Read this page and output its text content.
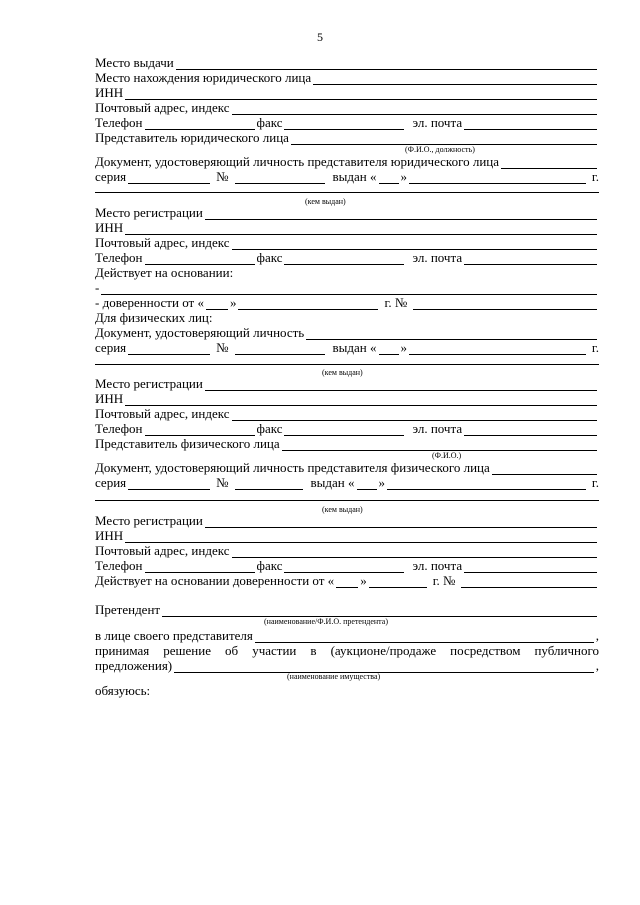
5
Место выдачи
Место нахождения юридического лица
ИНН
Почтовый адрес, индекс
Телефон	факс	эл. почта
Представитель юридического лица
(Ф.И.О., должность)
Документ, удостоверяющий личность представителя юридического лица
серия	№	выдан « »	г.
(кем выдан)
Место регистрации
ИНН
Почтовый адрес, индекс
Телефон	факс	эл. почта
Действует на основании:
-
- доверенности от « »	г. №
Для физических лиц:
Документ, удостоверяющий личность
серия	№	выдан « »	г.
(кем выдан)
Место регистрации
ИНН
Почтовый адрес, индекс
Телефон	факс	эл. почта
Представитель физического лица
(Ф.И.О.)
Документ, удостоверяющий личность представителя физического лица
серия	№	выдан « »	г.
(кем выдан)
Место регистрации
ИНН
Почтовый адрес, индекс
Телефон	факс	эл. почта
Действует на основании доверенности от « »	г. №
Претендент
(наименование/Ф.И.О. претендента)
в лице своего представителя	,
принимая решение об участии в (аукционе/продаже посредством публичного
предложения)	,
(наименование имущества)
обязуюсь:
